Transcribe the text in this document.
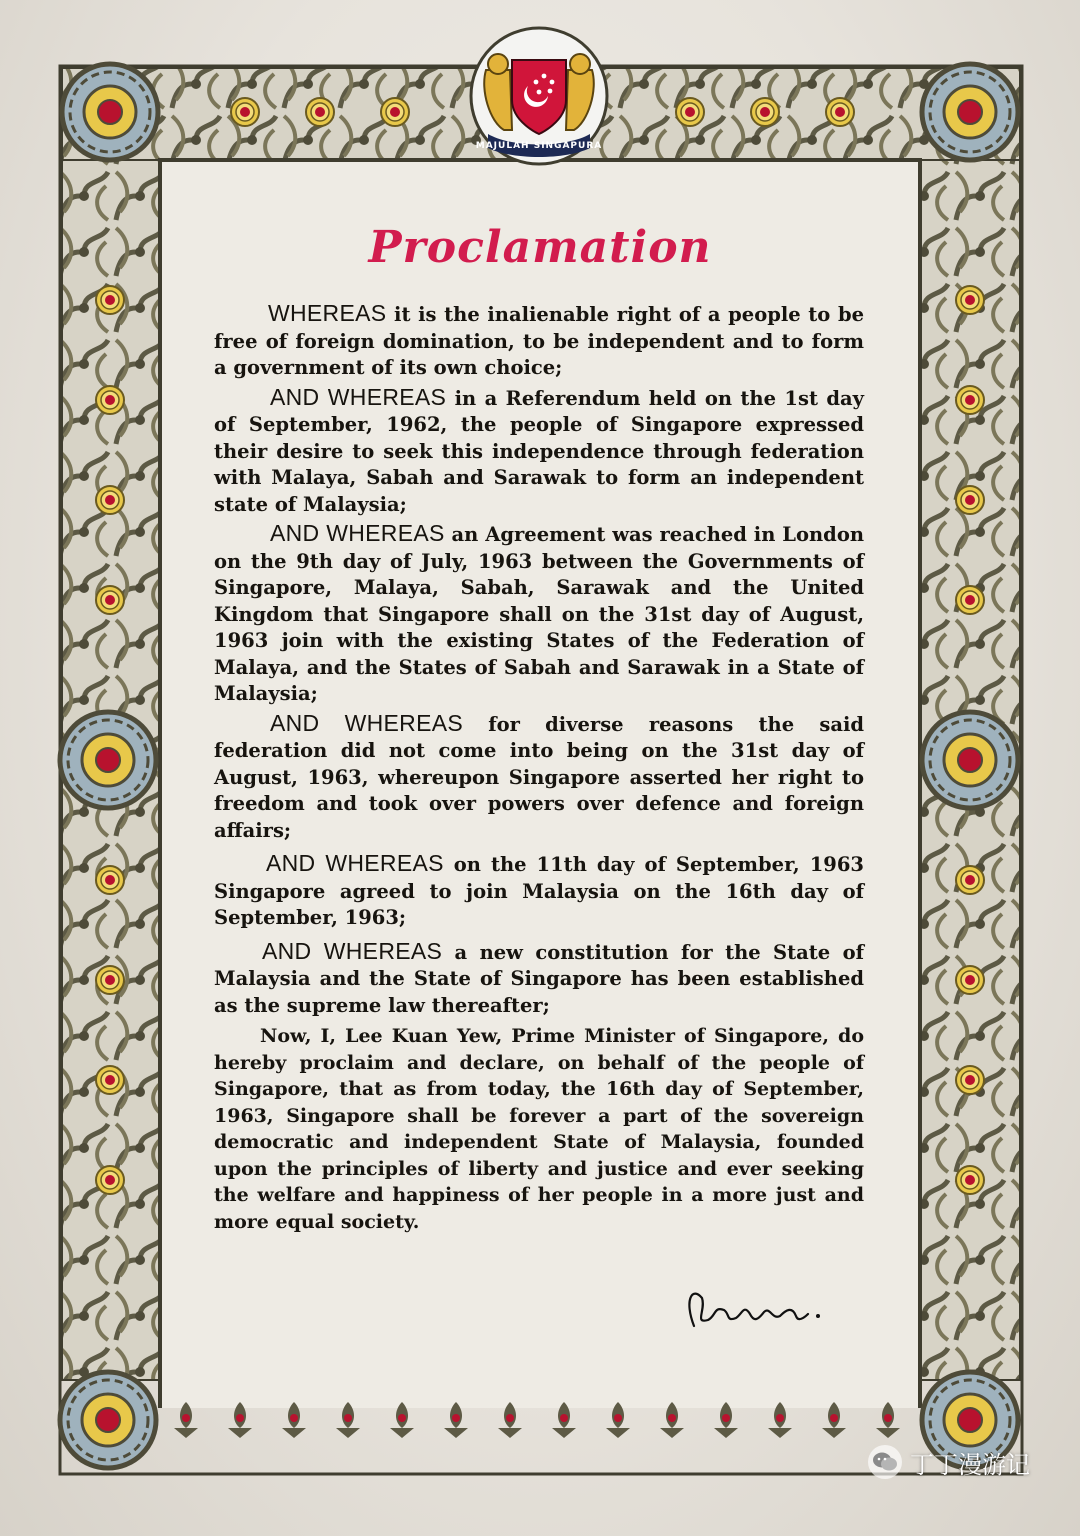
MAJULAH SINGAPURA
Proclamation

WHEREAS it is the inalienable right of a people to be free of foreign domination, to be independent and to form a government of its own choice;

AND WHEREAS in a Referendum held on the 1st day of September, 1962, the people of Singapore expressed their desire to seek this independence through federation with Malaya, Sabah and Sarawak to form an independent state of Malaysia;

AND WHEREAS an Agreement was reached in London on the 9th day of July, 1963 between the Governments of Singapore, Malaya, Sabah, Sarawak and the United Kingdom that Singapore shall on the 31st day of August, 1963 join with the existing States of the Federation of Malaya, and the States of Sabah and Sarawak in a State of Malaysia;

AND WHEREAS for diverse reasons the said federation did not come into being on the 31st day of August, 1963, whereupon Singapore asserted her right to freedom and took over powers over defence and foreign affairs;

AND WHEREAS on the 11th day of September, 1963 Singapore agreed to join Malaysia on the 16th day of September, 1963;

AND WHEREAS a new constitution for the State of Malaysia and the State of Singapore has been established as the supreme law thereafter;

Now, I, Lee Kuan Yew, Prime Minister of Singapore, do hereby proclaim and declare, on behalf of the people of Singapore, that as from today, the 16th day of September, 1963, Singapore shall be forever a part of the sovereign democratic and independent State of Malaysia, founded upon the principles of liberty and justice and ever seeking the welfare and happiness of her people in a more just and more equal society.

丁丁漫游记
